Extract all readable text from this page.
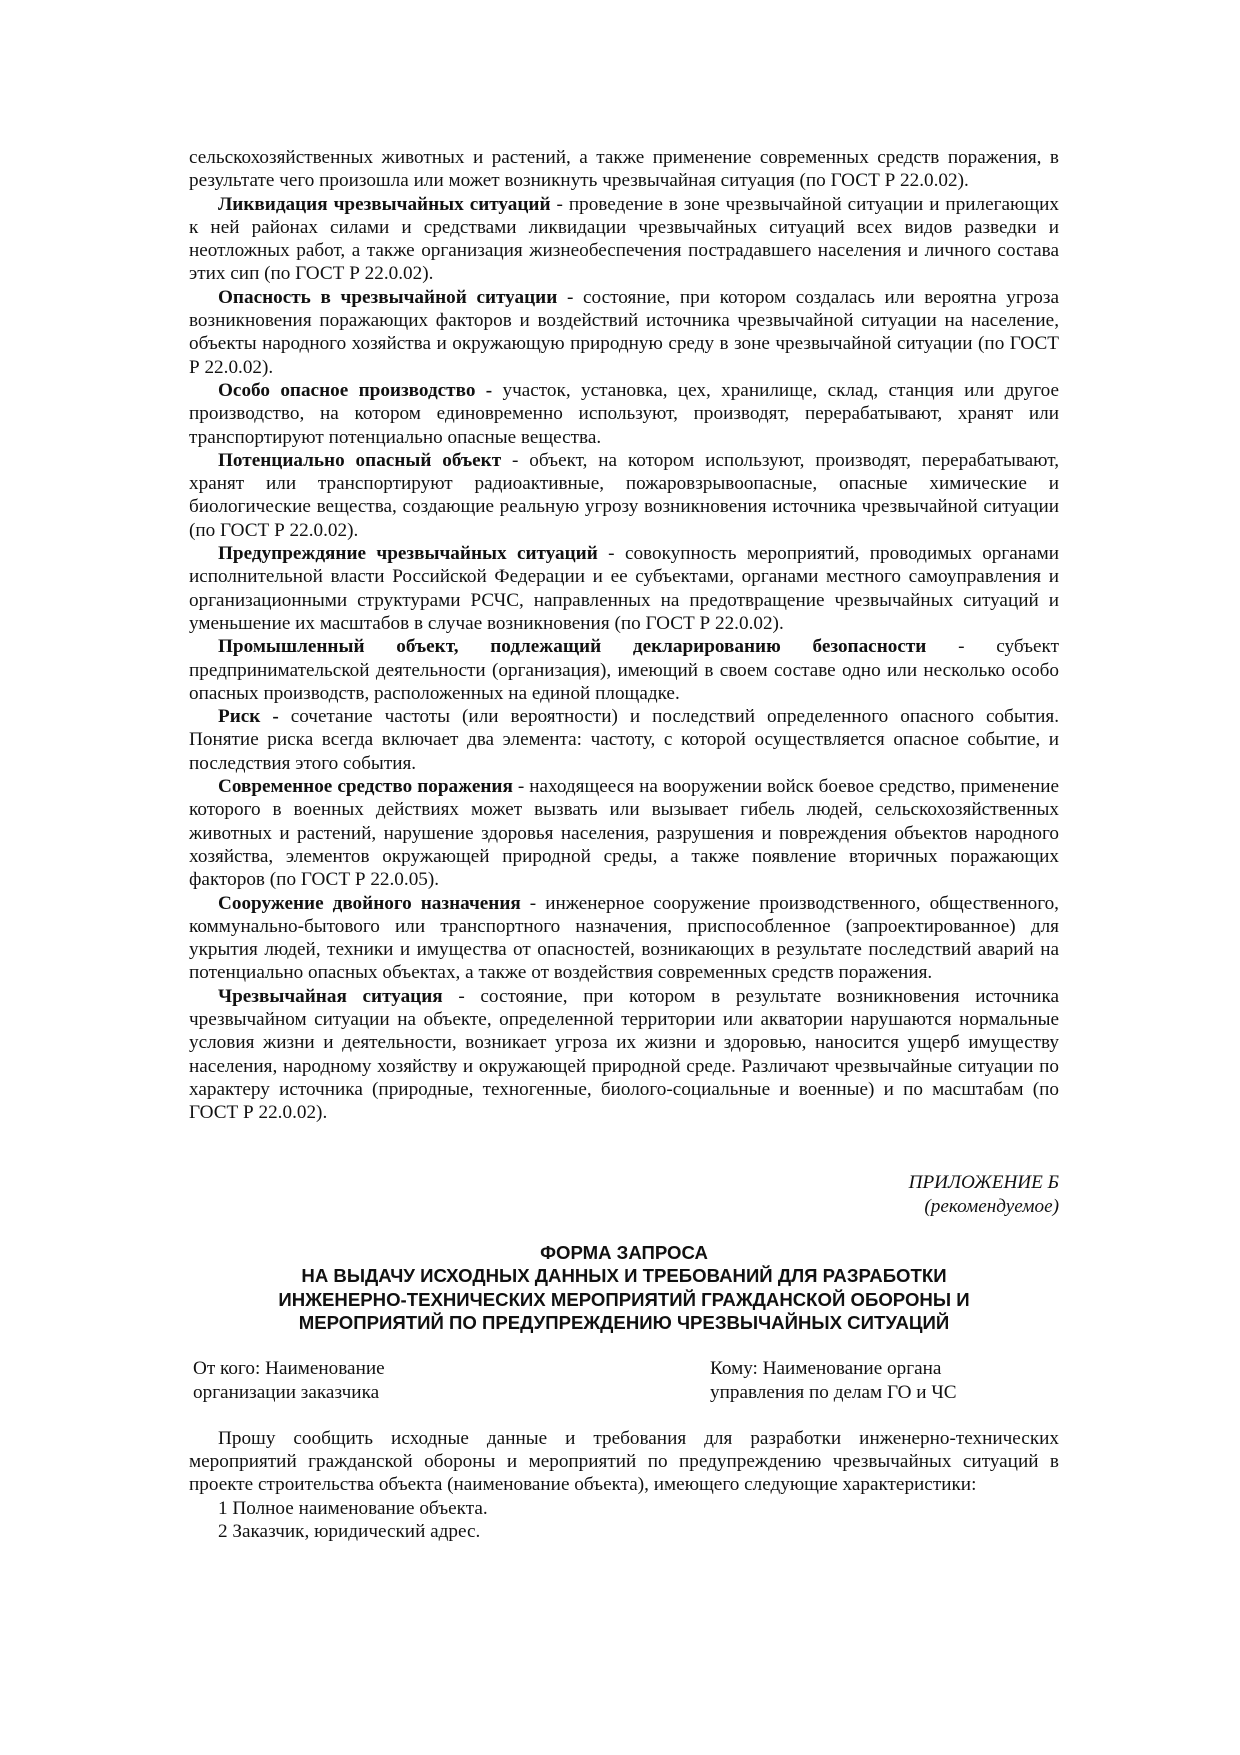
сельскохозяйственных животных и растений, а также применение современных средств поражения, в результате чего произошла или может возникнуть чрезвычайная ситуация (по ГОСТ Р 22.0.02).

Ликвидация чрезвычайных ситуаций - проведение в зоне чрезвычайной ситуации и прилегающих к ней районах силами и средствами ликвидации чрезвычайных ситуаций всех видов разведки и неотложных работ, а также организация жизнеобеспечения пострадавшего населения и личного состава этих сип (по ГОСТ Р 22.0.02).

Опасность в чрезвычайной ситуации - состояние, при котором создалась или вероятна угроза возникновения поражающих факторов и воздействий источника чрезвычайной ситуации на население, объекты народного хозяйства и окружающую природную среду в зоне чрезвычайной ситуации (по ГОСТ Р 22.0.02).

Особо опасное производство - участок, установка, цех, хранилище, склад, станция или другое производство, на котором единовременно используют, производят, перерабатывают, хранят или транспортируют потенциально опасные вещества.

Потенциально опасный объект - объект, на котором используют, производят, перерабатывают, хранят или транспортируют радиоактивные, пожаровзрывоопасные, опасные химические и биологические вещества, создающие реальную угрозу возникновения источника чрезвычайной ситуации (по ГОСТ Р 22.0.02).

Предупреждяние чрезвычайных ситуаций - совокупность мероприятий, проводимых органами исполнительной власти Российской Федерации и ее субъектами, органами местного самоуправления и организационными структурами РСЧС, направленных на предотвращение чрезвычайных ситуаций и уменьшение их масштабов в случае возникновения (по ГОСТ Р 22.0.02).

Промышленный объект, подлежащий декларированию безопасности - субъект предпринимательской деятельности (организация), имеющий в своем составе одно или несколько особо опасных производств, расположенных на единой площадке.

Риск - сочетание частоты (или вероятности) и последствий определенного опасного события. Понятие риска всегда включает два элемента: частоту, с которой осуществляется опасное событие, и последствия этого события.

Современное средство поражения - находящееся на вооружении войск боевое средство, применение которого в военных действиях может вызвать или вызывает гибель людей, сельскохозяйственных животных и растений, нарушение здоровья населения, разрушения и повреждения объектов народного хозяйства, элементов окружающей природной среды, а также появление вторичных поражающих факторов (по ГОСТ Р 22.0.05).

Сооружение двойного назначения - инженерное сооружение производственного, общественного, коммунально-бытового или транспортного назначения, приспособленное (запроектированное) для укрытия людей, техники и имущества от опасностей, возникающих в результате последствий аварий на потенциально опасных объектах, а также от воздействия современных средств поражения.

Чрезвычайная ситуация - состояние, при котором в результате возникновения источника чрезвычайном ситуации на объекте, определенной территории или акватории нарушаются нормальные условия жизни и деятельности, возникает угроза их жизни и здоровью, наносится ущерб имуществу населения, народному хозяйству и окружающей природной среде. Различают чрезвычайные ситуации по характеру источника (природные, техногенные, биолого-социальные и военные) и по масштабам (по ГОСТ Р 22.0.02).

ПРИЛОЖЕНИЕ Б
(рекомендуемое)
ФОРМА ЗАПРОСА
НА ВЫДАЧУ ИСХОДНЫХ ДАННЫХ И ТРЕБОВАНИЙ ДЛЯ РАЗРАБОТКИ
ИНЖЕНЕРНО-ТЕХНИЧЕСКИХ МЕРОПРИЯТИЙ ГРАЖДАНСКОЙ ОБОРОНЫ И
МЕРОПРИЯТИЙ ПО ПРЕДУПРЕЖДЕНИЮ ЧРЕЗВЫЧАЙНЫХ СИТУАЦИЙ
От кого: Наименование
организации заказчика
Кому: Наименование органа
управления по делам ГО и ЧС

Прошу сообщить исходные данные и требования для разработки инженерно-технических мероприятий гражданской обороны и мероприятий по предупреждению чрезвычайных ситуаций в проекте строительства объекта (наименование объекта), имеющего следующие характеристики:

1 Полное наименование объекта.

2 Заказчик, юридический адрес.
